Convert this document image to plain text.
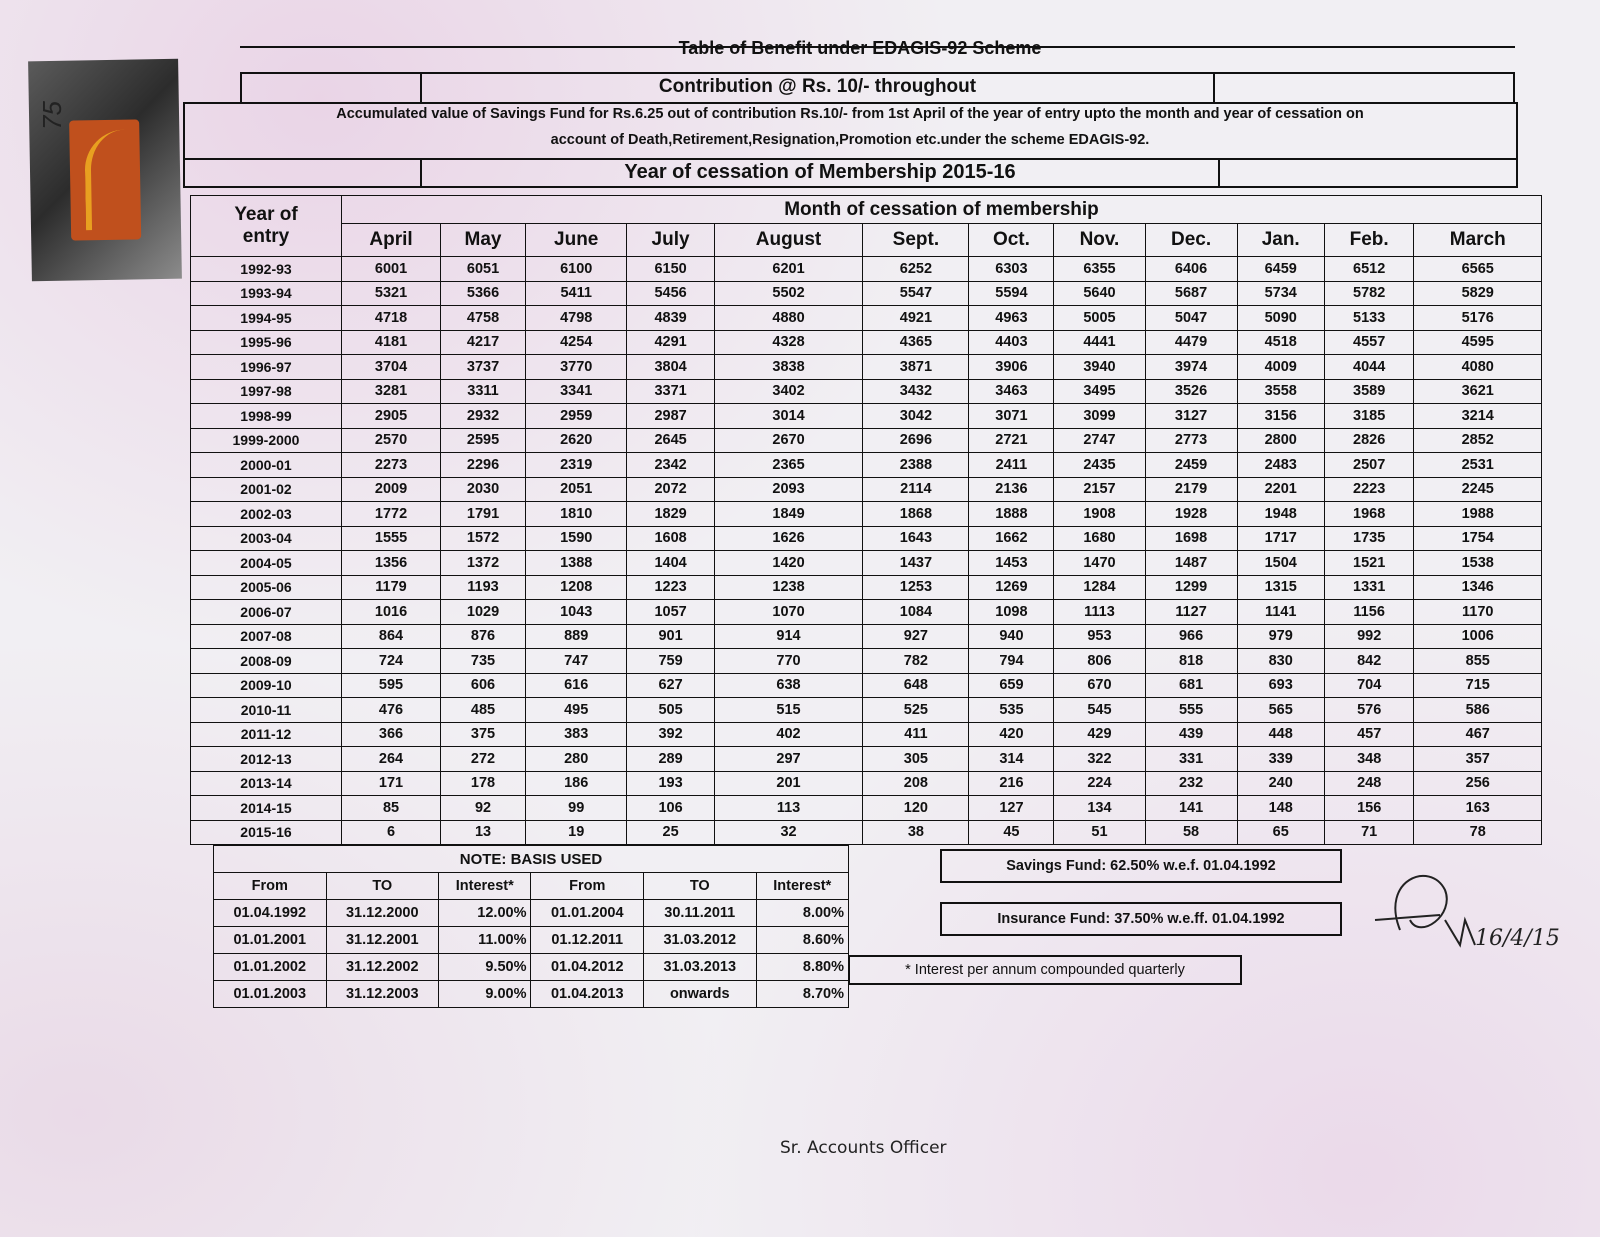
75
Table of Benefit under EDAGIS-92 Scheme
Contribution @ Rs. 10/- throughout
Accumulated value of Savings Fund for Rs.6.25 out of contribution Rs.10/- from 1st April of the year of entry upto the month and year of cessation on
account of Death,Retirement,Resignation,Promotion etc.under the scheme EDAGIS-92.
Year of cessation of Membership 2015-16
Year of
entry	Month of cessation of membership											
	April	May	June	July	August	Sept.	Oct.	Nov.	Dec.	Jan.	Feb.	March
1992-93	6001	6051	6100	6150	6201	6252	6303	6355	6406	6459	6512	6565
1993-94	5321	5366	5411	5456	5502	5547	5594	5640	5687	5734	5782	5829
1994-95	4718	4758	4798	4839	4880	4921	4963	5005	5047	5090	5133	5176
1995-96	4181	4217	4254	4291	4328	4365	4403	4441	4479	4518	4557	4595
1996-97	3704	3737	3770	3804	3838	3871	3906	3940	3974	4009	4044	4080
1997-98	3281	3311	3341	3371	3402	3432	3463	3495	3526	3558	3589	3621
1998-99	2905	2932	2959	2987	3014	3042	3071	3099	3127	3156	3185	3214
1999-2000	2570	2595	2620	2645	2670	2696	2721	2747	2773	2800	2826	2852
2000-01	2273	2296	2319	2342	2365	2388	2411	2435	2459	2483	2507	2531
2001-02	2009	2030	2051	2072	2093	2114	2136	2157	2179	2201	2223	2245
2002-03	1772	1791	1810	1829	1849	1868	1888	1908	1928	1948	1968	1988
2003-04	1555	1572	1590	1608	1626	1643	1662	1680	1698	1717	1735	1754
2004-05	1356	1372	1388	1404	1420	1437	1453	1470	1487	1504	1521	1538
2005-06	1179	1193	1208	1223	1238	1253	1269	1284	1299	1315	1331	1346
2006-07	1016	1029	1043	1057	1070	1084	1098	1113	1127	1141	1156	1170
2007-08	864	876	889	901	914	927	940	953	966	979	992	1006
2008-09	724	735	747	759	770	782	794	806	818	830	842	855
2009-10	595	606	616	627	638	648	659	670	681	693	704	715
2010-11	476	485	495	505	515	525	535	545	555	565	576	586
2011-12	366	375	383	392	402	411	420	429	439	448	457	467
2012-13	264	272	280	289	297	305	314	322	331	339	348	357
2013-14	171	178	186	193	201	208	216	224	232	240	248	256
2014-15	85	92	99	106	113	120	127	134	141	148	156	163
2015-16	6	13	19	25	32	38	45	51	58	65	71	78
NOTE: BASIS USED					
From	TO	Interest*	From	TO	Interest*
01.04.1992	31.12.2000	12.00%	01.01.2004	30.11.2011	8.00%
01.01.2001	31.12.2001	11.00%	01.12.2011	31.03.2012	8.60%
01.01.2002	31.12.2002	9.50%	01.04.2012	31.03.2013	8.80%
01.01.2003	31.12.2003	9.00%	01.04.2013	onwards	8.70%
Savings Fund: 62.50% w.e.f. 01.04.1992
Insurance Fund: 37.50% w.e.ff. 01.04.1992
* Interest per annum compounded quarterly
16/4/15
Sr. Accounts Officer
